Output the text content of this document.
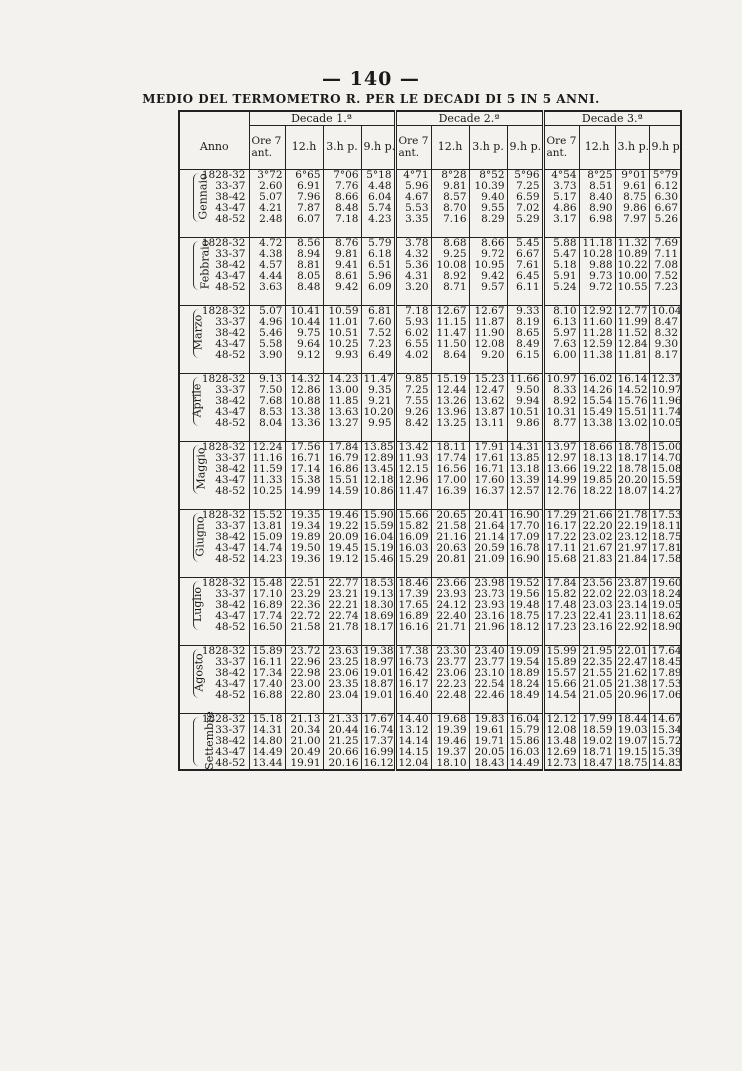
— 140 —
MEDIO DEL TERMOMETRO R. PER LE DECADI DI 5 IN 5 ANNI.
		Decade 1.ª				Decade 2.ª				Decade 3.ª			
Anno		Ore 7 ant.	12.h	3.h p.	9.h p.	Ore 7 ant.	12.h	3.h p.	9.h p.	Ore 7 ant.	12.h	3.h p.	9.h p.
Gennaio	1828-32	3°72	6°65	7°06	5°18	4°71	8°28	8°52	5°96	4°54	8°25	9°01	5°79
	33-37	2.60	6.91	7.76	4.48	5.96	9.81	10.39	7.25	3.73	8.51	9.61	6.12
	38-42	5.07	7.96	8.66	6.04	4.67	8.57	9.40	6.59	5.17	8.40	8.75	6.30
	43-47	4.21	7.87	8.48	5.74	5.53	8.70	9.55	7.02	4.86	8.90	9.86	6.67
	48-52	2.48	6.07	7.18	4.23	3.35	7.16	8.29	5.29	3.17	6.98	7.97	5.26

Febbraio	1828-32	4.72	8.56	8.76	5.79	3.78	8.68	8.66	5.45	5.88	11.18	11.32	7.69
	33-37	4.38	8.94	9.81	6.18	4.32	9.25	9.72	6.67	5.47	10.28	10.89	7.11
	38-42	4.57	8.81	9.41	6.51	5.36	10.08	10.95	7.61	5.18	9.88	10.22	7.08
	43-47	4.44	8.05	8.61	5.96	4.31	8.92	9.42	6.45	5.91	9.73	10.00	7.52
	48-52	3.63	8.48	9.42	6.09	3.20	8.71	9.57	6.11	5.24	9.72	10.55	7.23

Marzo	1828-32	5.07	10.41	10.59	6.81	7.18	12.67	12.67	9.33	8.10	12.92	12.77	10.04
	33-37	4.96	10.44	11.01	7.60	5.93	11.15	11.87	8.19	6.13	11.60	11.99	8.47
	38-42	5.46	9.75	10.51	7.52	6.02	11.47	11.90	8.65	5.97	11.28	11.52	8.32
	43-47	5.58	9.64	10.25	7.23	6.55	11.50	12.08	8.49	7.63	12.59	12.84	9.30
	48-52	3.90	9.12	9.93	6.49	4.02	8.64	9.20	6.15	6.00	11.38	11.81	8.17

Aprile	1828-32	9.13	14.32	14.23	11.47	9.85	15.19	15.23	11.66	10.97	16.02	16.14	12.37
	33-37	7.50	12.86	13.00	9.35	7.25	12.44	12.47	9.50	8.33	14.26	14.52	10.97
	38-42	7.68	10.88	11.85	9.21	7.55	13.26	13.62	9.94	8.92	15.54	15.76	11.96
	43-47	8.53	13.38	13.63	10.20	9.26	13.96	13.87	10.51	10.31	15.49	15.51	11.74
	48-52	8.04	13.36	13.27	9.95	8.42	13.25	13.11	9.86	8.77	13.38	13.02	10.05

Maggio	1828-32	12.24	17.56	17.84	13.85	13.42	18.11	17.91	14.31	13.97	18.66	18.78	15.00
	33-37	11.16	16.71	16.79	12.89	11.93	17.74	17.61	13.85	12.97	18.13	18.17	14.70
	38-42	11.59	17.14	16.86	13.45	12.15	16.56	16.71	13.18	13.66	19.22	18.78	15.08
	43-47	11.33	15.38	15.51	12.18	12.96	17.00	17.60	13.39	14.99	19.85	20.20	15.59
	48-52	10.25	14.99	14.59	10.86	11.47	16.39	16.37	12.57	12.76	18.22	18.07	14.27

Giugno	1828-32	15.52	19.35	19.46	15.90	15.66	20.65	20.41	16.90	17.29	21.66	21.78	17.53
	33-37	13.81	19.34	19.22	15.59	15.82	21.58	21.64	17.70	16.17	22.20	22.19	18.11
	38-42	15.09	19.89	20.09	16.04	16.09	21.16	21.14	17.09	17.22	23.02	23.12	18.75
	43-47	14.74	19.50	19.45	15.19	16.03	20.63	20.59	16.78	17.11	21.67	21.97	17.81
	48-52	14.23	19.36	19.12	15.46	15.29	20.81	21.09	16.90	15.68	21.83	21.84	17.58

Luglio	1828-32	15.48	22.51	22.77	18.53	18.46	23.66	23.98	19.52	17.84	23.56	23.87	19.60
	33-37	17.10	23.29	23.21	19.13	17.39	23.93	23.73	19.56	15.82	22.02	22.03	18.24
	38-42	16.89	22.36	22.21	18.30	17.65	24.12	23.93	19.48	17.48	23.03	23.14	19.05
	43-47	17.74	22.72	22.74	18.69	16.89	22.40	23.16	18.75	17.23	22.41	23.11	18.62
	48-52	16.50	21.58	21.78	18.17	16.16	21.71	21.96	18.12	17.23	23.16	22.92	18.90

Agosto	1828-32	15.89	23.72	23.63	19.38	17.38	23.30	23.40	19.09	15.99	21.95	22.01	17.64
	33-37	16.11	22.96	23.25	18.97	16.73	23.77	23.77	19.54	15.89	22.35	22.47	18.45
	38-42	17.34	22.98	23.06	19.01	16.42	23.06	23.10	18.89	15.57	21.55	21.62	17.89
	43-47	17.40	23.00	23.35	18.87	16.17	22.23	22.54	18.24	15.66	21.05	21.38	17.53
	48-52	16.88	22.80	23.04	19.01	16.40	22.48	22.46	18.49	14.54	21.05	20.96	17.06

Settembre	1828-32	15.18	21.13	21.33	17.67	14.40	19.68	19.83	16.04	12.12	17.99	18.44	14.67
	33-37	14.31	20.34	20.44	16.74	13.12	19.39	19.61	15.79	12.08	18.59	19.03	15.34
	38-42	14.80	21.00	21.25	17.37	14.14	19.46	19.71	15.86	13.48	19.02	19.07	15.72
	43-47	14.49	20.49	20.66	16.99	14.15	19.37	20.05	16.03	12.69	18.71	19.15	15.39
	48-52	13.44	19.91	20.16	16.12	12.04	18.10	18.43	14.49	12.73	18.47	18.75	14.83
